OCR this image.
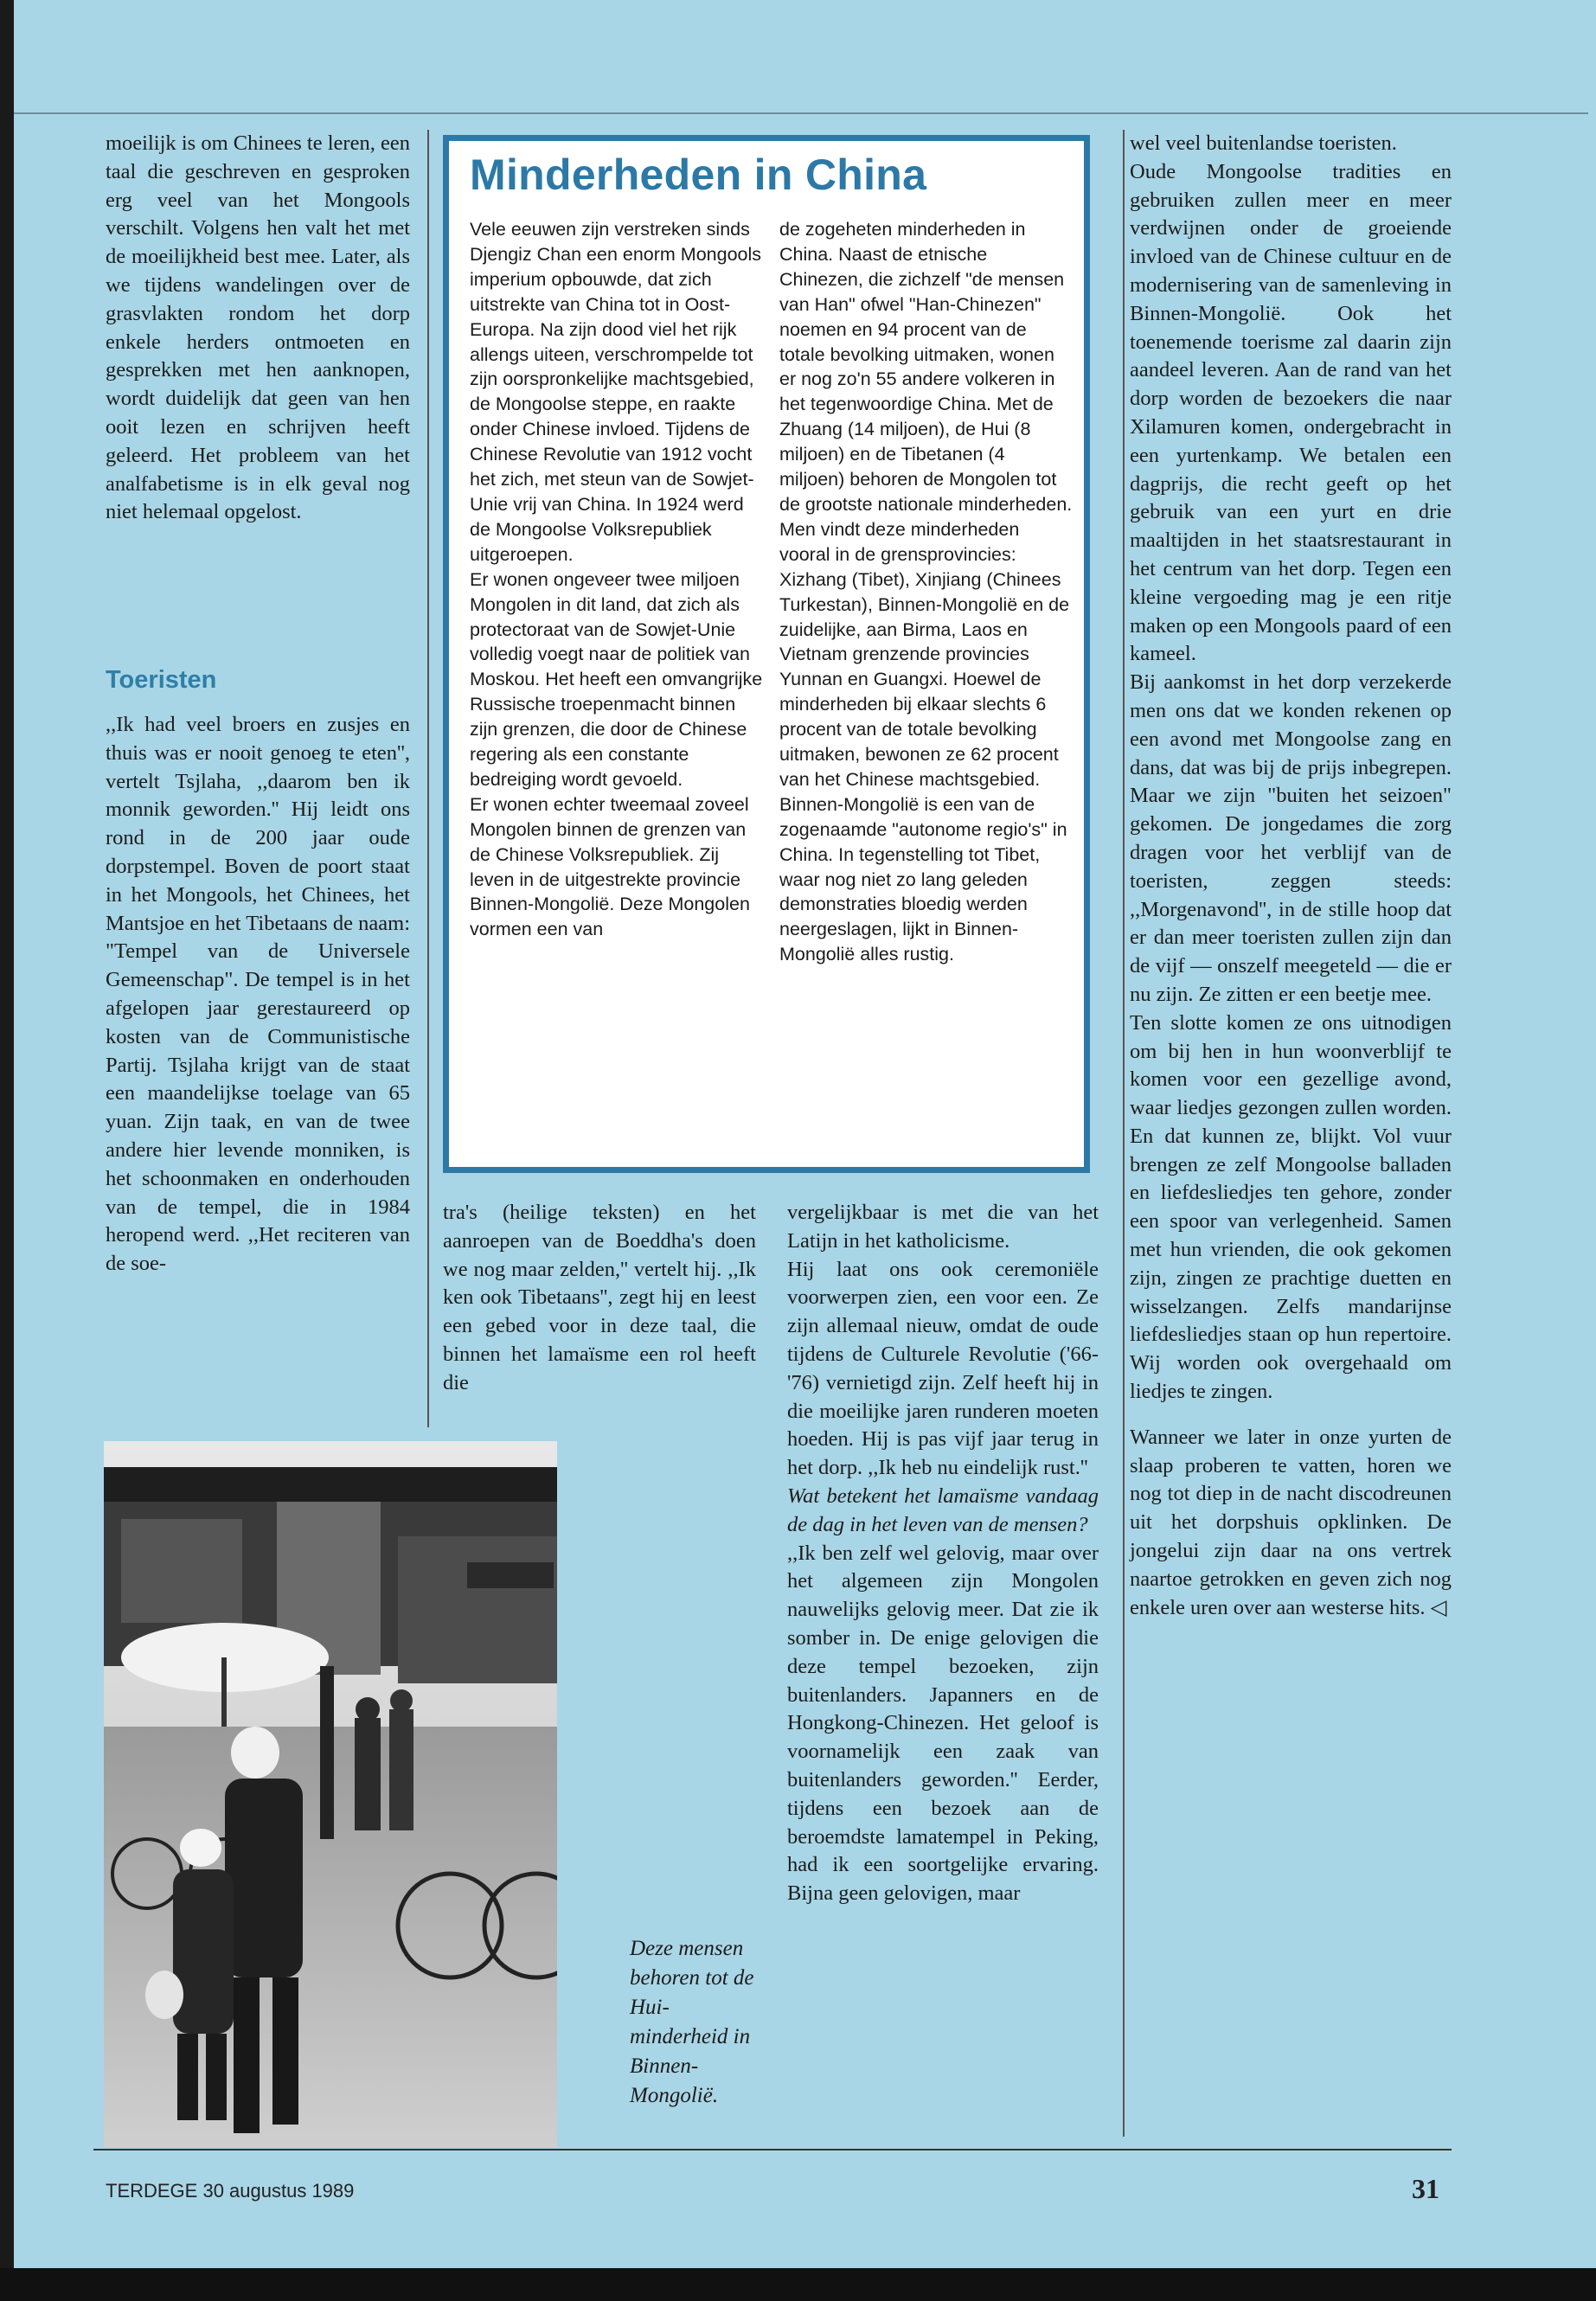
moeilijk is om Chinees te leren, een taal die geschreven en gesproken erg veel van het Mongools verschilt. Volgens hen valt het met de moeilijkheid best mee. Later, als we tijdens wandelingen over de grasvlakten rondom het dorp enkele herders ontmoeten en gesprekken met hen aanknopen, wordt duidelijk dat geen van hen ooit lezen en schrijven heeft geleerd. Het probleem van het analfabetisme is in elk geval nog niet helemaal opgelost.

Toeristen

,,Ik had veel broers en zusjes en thuis was er nooit genoeg te eten'', vertelt Tsjlaha, ,,daarom ben ik monnik geworden.'' Hij leidt ons rond in de 200 jaar oude dorpstempel. Boven de poort staat in het Mongools, het Chinees, het Mantsjoe en het Tibetaans de naam: "Tempel van de Universele Gemeenschap". De tempel is in het afgelopen jaar gerestaureerd op kosten van de Communistische Partij. Tsjlaha krijgt van de staat een maandelijkse toelage van 65 yuan. Zijn taak, en van de twee andere hier levende monniken, is het schoonmaken en onderhouden van de tempel, die in 1984 heropend werd. ,,Het reciteren van de soe-

Minderheden in China

Vele eeuwen zijn verstreken sinds Djengiz Chan een enorm Mongools imperium opbouwde, dat zich uitstrekte van China tot in Oost-Europa. Na zijn dood viel het rijk allengs uiteen, verschrompelde tot zijn oorspronkelijke machtsgebied, de Mongoolse steppe, en raakte onder Chinese invloed. Tijdens de Chinese Revolutie van 1912 vocht het zich, met steun van de Sowjet-Unie vrij van China. In 1924 werd de Mongoolse Volksrepubliek uitgeroepen.

Er wonen ongeveer twee miljoen Mongolen in dit land, dat zich als protectoraat van de Sowjet-Unie volledig voegt naar de politiek van Moskou. Het heeft een omvangrijke Russische troepenmacht binnen zijn grenzen, die door de Chinese regering als een constante bedreiging wordt gevoeld.

Er wonen echter tweemaal zoveel Mongolen binnen de grenzen van de Chinese Volksrepubliek. Zij leven in de uitgestrekte provincie Binnen-Mongolië. Deze Mongolen vormen een van

de zogeheten minderheden in China. Naast de etnische Chinezen, die zichzelf "de mensen van Han" ofwel "Han-Chinezen" noemen en 94 procent van de totale bevolking uitmaken, wonen er nog zo'n 55 andere volkeren in het tegenwoordige China. Met de Zhuang (14 miljoen), de Hui (8 miljoen) en de Tibetanen (4 miljoen) behoren de Mongolen tot de grootste nationale minderheden. Men vindt deze minderheden vooral in de grensprovincies: Xizhang (Tibet), Xinjiang (Chinees Turkestan), Binnen-Mongolië en de zuidelijke, aan Birma, Laos en Vietnam grenzende provincies Yunnan en Guangxi. Hoewel de minderheden bij elkaar slechts 6 procent van de totale bevolking uitmaken, bewonen ze 62 procent van het Chinese machtsgebied. Binnen-Mongolië is een van de zogenaamde "autonome regio's" in China. In tegenstelling tot Tibet, waar nog niet zo lang geleden demonstraties bloedig werden neergeslagen, lijkt in Binnen-Mongolië alles rustig.

tra's (heilige teksten) en het aanroepen van de Boeddha's doen we nog maar zelden,'' vertelt hij. ,,Ik ken ook Tibetaans'', zegt hij en leest een gebed voor in deze taal, die binnen het lamaïsme een rol heeft die

vergelijkbaar is met die van het Latijn in het katholicisme.

Hij laat ons ook ceremoniële voorwerpen zien, een voor een. Ze zijn allemaal nieuw, omdat de oude tijdens de Culturele Revolutie ('66-'76) vernietigd zijn. Zelf heeft hij in die moeilijke jaren runderen moeten hoeden. Hij is pas vijf jaar terug in het dorp. ,,Ik heb nu eindelijk rust.''

Wat betekent het lamaïsme vandaag de dag in het leven van de mensen?

,,Ik ben zelf wel gelovig, maar over het algemeen zijn Mongolen nauwelijks gelovig meer. Dat zie ik somber in. De enige gelovigen die deze tempel bezoeken, zijn buitenlanders. Japanners en de Hongkong-Chinezen. Het geloof is voornamelijk een zaak van buitenlanders geworden.'' Eerder, tijdens een bezoek aan de beroemdste lamatempel in Peking, had ik een soortgelijke ervaring. Bijna geen gelovigen, maar

wel veel buitenlandse toeristen.

Oude Mongoolse tradities en gebruiken zullen meer en meer verdwijnen onder de groeiende invloed van de Chinese cultuur en de modernisering van de samenleving in Binnen-Mongolië. Ook het toenemende toerisme zal daarin zijn aandeel leveren. Aan de rand van het dorp worden de bezoekers die naar Xilamuren komen, ondergebracht in een yurtenkamp. We betalen een dagprijs, die recht geeft op het gebruik van een yurt en drie maaltijden in het staatsrestaurant in het centrum van het dorp. Tegen een kleine vergoeding mag je een ritje maken op een Mongools paard of een kameel.

Bij aankomst in het dorp verzekerde men ons dat we konden rekenen op een avond met Mongoolse zang en dans, dat was bij de prijs inbegrepen. Maar we zijn "buiten het seizoen" gekomen. De jongedames die zorg dragen voor het verblijf van de toeristen, zeggen steeds: ,,Morgenavond'', in de stille hoop dat er dan meer toeristen zullen zijn dan de vijf — onszelf meegeteld — die er nu zijn. Ze zitten er een beetje mee.

Ten slotte komen ze ons uitnodigen om bij hen in hun woonverblijf te komen voor een gezellige avond, waar liedjes gezongen zullen worden. En dat kunnen ze, blijkt. Vol vuur brengen ze zelf Mongoolse balladen en liefdesliedjes ten gehore, zonder een spoor van verlegenheid. Samen met hun vrienden, die ook gekomen zijn, zingen ze prachtige duetten en wisselzangen. Zelfs mandarijnse liefdesliedjes staan op hun repertoire. Wij worden ook overgehaald om liedjes te zingen.

Wanneer we later in onze yurten de slaap proberen te vatten, horen we nog tot diep in de nacht discodreunen uit het dorpshuis opklinken. De jongelui zijn daar na ons vertrek naartoe getrokken en geven zich nog enkele uren over aan westerse hits. ◁

Deze mensen behoren tot de Hui-minderheid in Binnen-Mongolië.
TERDEGE 30 augustus 1989	31
